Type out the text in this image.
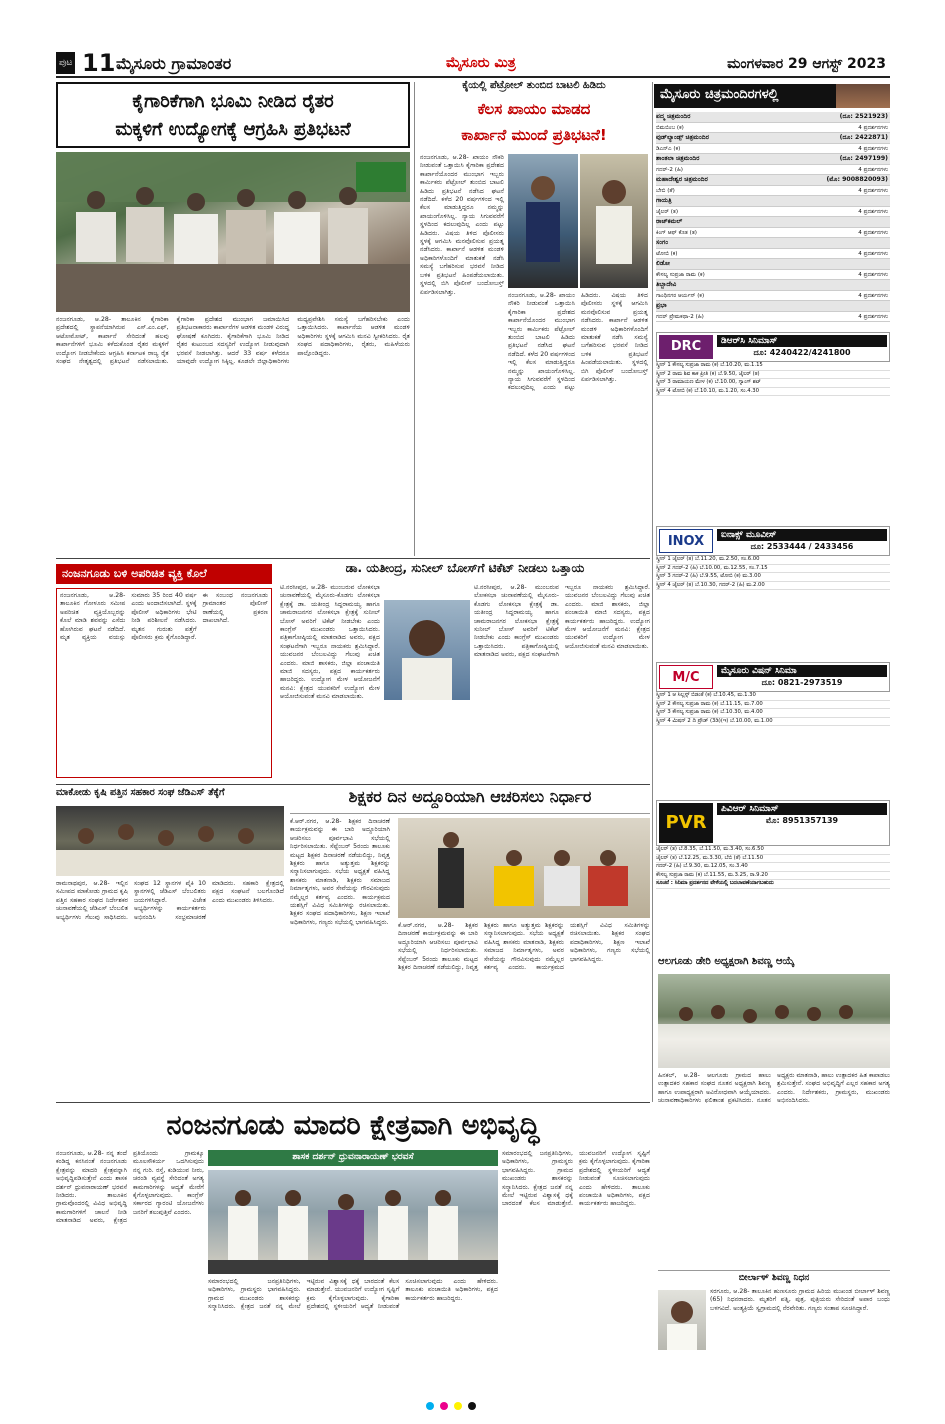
ಪುಟ 11 ಮೈಸೂರು ಗ್ರಾಮಾಂತರ	ಮೈಸೂರು ಮಿತ್ರ	ಮಂಗಳವಾರ 29 ಆಗಸ್ಟ್ 2023
ಕೈಗಾರಿಕೆಗಾಗಿ ಭೂಮಿ ನೀಡಿದ ರೈತರ
ಮಕ್ಕಳಿಗೆ ಉದ್ಯೋಗಕ್ಕೆ ಆಗ್ರಹಿಸಿ ಪ್ರತಿಭಟನೆ
ನಂಜನಗೂಡು, ಆ.28- ತಾಲೂಕಿನ ಕೈಗಾರಿಕಾ ಪ್ರದೇಶದಲ್ಲಿ ಸ್ಥಾಪನೆಯಾಗಿರುವ ಎಸ್.ಎಂ.ಎಫ್, ಆಟೋಮೋಟ್, ಕಾರ್ಖಾನೆ ಸೇರಿದಂತೆ ಹಲವು ಕಾರ್ಖಾನೆಗಳಿಗೆ ಭೂಮಿ ಕಳೆದುಕೊಂಡ ರೈತರ ಮಕ್ಕಳಿಗೆ ಉದ್ಯೋಗ ನೀಡಬೇಕೆಂದು ಆಗ್ರಹಿಸಿ ಕರ್ನಾಟಕ ರಾಜ್ಯ ರೈತ ಸಂಘದ ನೇತೃತ್ವದಲ್ಲಿ ಪ್ರತಿಭಟನೆ ನಡೆಸಲಾಯಿತು. ಕೈಗಾರಿಕಾ ಪ್ರದೇಶದ ಮುಂಭಾಗ ಜಮಾಯಿಸಿದ ಪ್ರತಿಭಟನಾಕಾರರು ಕಾರ್ಖಾನೆಗಳ ಆಡಳಿತ ಮಂಡಳಿ ವಿರುದ್ಧ ಘೋಷಣೆ ಕೂಗಿದರು. ಕೈಗಾರಿಕೆಗಾಗಿ ಭೂಮಿ ನೀಡಿದ ರೈತರ ಕುಟುಂಬದ ಸದಸ್ಯರಿಗೆ ಉದ್ಯೋಗ ನೀಡುವುದಾಗಿ ಭರವಸೆ ನೀಡಲಾಗಿತ್ತು. ಆದರೆ 33 ವರ್ಷ ಕಳೆದರೂ ಯಾವುದೇ ಉದ್ಯೋಗ ಸಿಕ್ಕಿಲ್ಲ. ಕೂಡಲೇ ಜಿಲ್ಲಾಧಿಕಾರಿಗಳು ಮಧ್ಯಪ್ರವೇಶಿಸಿ ಸಮಸ್ಯೆ ಬಗೆಹರಿಸಬೇಕು ಎಂದು ಒತ್ತಾಯಿಸಿದರು. ಕಾರ್ಖಾನೆಯ ಆಡಳಿತ ಮಂಡಳಿ ಅಧಿಕಾರಿಗಳು ಸ್ಥಳಕ್ಕೆ ಆಗಮಿಸಿ ಮನವಿ ಸ್ವೀಕರಿಸಿದರು. ರೈತ ಸಂಘದ ಪದಾಧಿಕಾರಿಗಳು, ರೈತರು, ಮಹಿಳೆಯರು ಪಾಲ್ಗೊಂಡಿದ್ದರು.
ಕೈಯಲ್ಲಿ ಪೆಟ್ರೋಲ್ ತುಂಬಿದ ಬಾಟಲಿ ಹಿಡಿದು
ಕೆಲಸ ಖಾಯಂ ಮಾಡದ
ಕಾರ್ಖಾನೆ ಮುಂದೆ ಪ್ರತಿಭಟನೆ!
ನಂಜನಗೂಡು, ಆ.28- ಖಾಯಂ ನೌಕರಿ ನೀಡುವಂತೆ ಒತ್ತಾಯಿಸಿ ಕೈಗಾರಿಕಾ ಪ್ರದೇಶದ ಕಾರ್ಖಾನೆಯೊಂದರ ಮುಂಭಾಗ ಇಬ್ಬರು ಕಾರ್ಮಿಕರು ಪೆಟ್ರೋಲ್ ತುಂಬಿದ ಬಾಟಲಿ ಹಿಡಿದು ಪ್ರತಿಭಟನೆ ನಡೆಸಿದ ಘಟನೆ ನಡೆದಿದೆ. ಕಳೆದ 20 ವರ್ಷಗಳಿಂದ ಇಲ್ಲಿ ಕೆಲಸ ಮಾಡುತ್ತಿದ್ದರೂ ನಮ್ಮನ್ನು ಖಾಯಂಗೊಳಿಸಿಲ್ಲ. ನ್ಯಾಯ ಸಿಗುವವರೆಗೆ ಸ್ಥಳದಿಂದ ಕದಲುವುದಿಲ್ಲ ಎಂದು ಪಟ್ಟು ಹಿಡಿದರು. ವಿಷಯ ತಿಳಿದ ಪೊಲೀಸರು ಸ್ಥಳಕ್ಕೆ ಆಗಮಿಸಿ ಮನವೊಲಿಸುವ ಪ್ರಯತ್ನ ನಡೆಸಿದರು. ಕಾರ್ಖಾನೆ ಆಡಳಿತ ಮಂಡಳಿ ಅಧಿಕಾರಿಗಳೊಂದಿಗೆ ಮಾತುಕತೆ ನಡೆಸಿ ಸಮಸ್ಯೆ ಬಗೆಹರಿಸುವ ಭರವಸೆ ನೀಡಿದ ಬಳಿಕ ಪ್ರತಿಭಟನೆ ಹಿಂಪಡೆಯಲಾಯಿತು. ಸ್ಥಳದಲ್ಲಿ ಬಿಗಿ ಪೊಲೀಸ್ ಬಂದೋಬಸ್ತ್ ಏರ್ಪಡಿಸಲಾಗಿತ್ತು.	ನಂಜನಗೂಡು, ಆ.28- ಖಾಯಂ ನೌಕರಿ ನೀಡುವಂತೆ ಒತ್ತಾಯಿಸಿ ಕೈಗಾರಿಕಾ ಪ್ರದೇಶದ ಕಾರ್ಖಾನೆಯೊಂದರ ಮುಂಭಾಗ ಇಬ್ಬರು ಕಾರ್ಮಿಕರು ಪೆಟ್ರೋಲ್ ತುಂಬಿದ ಬಾಟಲಿ ಹಿಡಿದು ಪ್ರತಿಭಟನೆ ನಡೆಸಿದ ಘಟನೆ ನಡೆದಿದೆ. ಕಳೆದ 20 ವರ್ಷಗಳಿಂದ ಇಲ್ಲಿ ಕೆಲಸ ಮಾಡುತ್ತಿದ್ದರೂ ನಮ್ಮನ್ನು ಖಾಯಂಗೊಳಿಸಿಲ್ಲ. ನ್ಯಾಯ ಸಿಗುವವರೆಗೆ ಸ್ಥಳದಿಂದ ಕದಲುವುದಿಲ್ಲ ಎಂದು ಪಟ್ಟು ಹಿಡಿದರು. ವಿಷಯ ತಿಳಿದ ಪೊಲೀಸರು ಸ್ಥಳಕ್ಕೆ ಆಗಮಿಸಿ ಮನವೊಲಿಸುವ ಪ್ರಯತ್ನ ನಡೆಸಿದರು. ಕಾರ್ಖಾನೆ ಆಡಳಿತ ಮಂಡಳಿ ಅಧಿಕಾರಿಗಳೊಂದಿಗೆ ಮಾತುಕತೆ ನಡೆಸಿ ಸಮಸ್ಯೆ ಬಗೆಹರಿಸುವ ಭರವಸೆ ನೀಡಿದ ಬಳಿಕ ಪ್ರತಿಭಟನೆ ಹಿಂಪಡೆಯಲಾಯಿತು. ಸ್ಥಳದಲ್ಲಿ ಬಿಗಿ ಪೊಲೀಸ್ ಬಂದೋಬಸ್ತ್ ಏರ್ಪಡಿಸಲಾಗಿತ್ತು.
ನಂಜನಗೂಡು ಬಳಿ ಅಪರಿಚಿತ ವ್ಯಕ್ತಿ ಕೊಲೆ
ನಂಜನಗೂಡು, ಆ.28- ತಾಲೂಕಿನ ಗೋಳೂರು ಸಮೀಪ ಅಪರಿಚಿತ ವ್ಯಕ್ತಿಯೊಬ್ಬರನ್ನು ಕೊಲೆ ಮಾಡಿ ಶವವನ್ನು ಎಸೆದು ಹೋಗಿರುವ ಘಟನೆ ನಡೆದಿದೆ. ಮೃತ ವ್ಯಕ್ತಿಯ ವಯಸ್ಸು ಸುಮಾರು 35 ರಿಂದ 40 ವರ್ಷ ಎಂದು ಅಂದಾಜಿಸಲಾಗಿದೆ. ಸ್ಥಳಕ್ಕೆ ಪೊಲೀಸ್ ಅಧಿಕಾರಿಗಳು ಭೇಟಿ ನೀಡಿ ಪರಿಶೀಲನೆ ನಡೆಸಿದರು. ಮೃತನ ಗುರುತು ಪತ್ತೆಗೆ ಪೊಲೀಸರು ಕ್ರಮ ಕೈಗೊಂಡಿದ್ದಾರೆ. ಈ ಸಂಬಂಧ ನಂಜನಗೂಡು ಗ್ರಾಮಾಂತರ ಪೊಲೀಸ್ ಠಾಣೆಯಲ್ಲಿ ಪ್ರಕರಣ ದಾಖಲಾಗಿದೆ.
ಡಾ. ಯತೀಂದ್ರ, ಸುನೀಲ್ ಬೋಸ್‌ಗೆ ಟಿಕೆಟ್ ನೀಡಲು ಒತ್ತಾಯ
ಟಿ.ನರಸೀಪುರ, ಆ.28- ಮುಂಬರುವ ಲೋಕಸಭಾ ಚುನಾವಣೆಯಲ್ಲಿ ಮೈಸೂರು-ಕೊಡಗು ಲೋಕಸಭಾ ಕ್ಷೇತ್ರಕ್ಕೆ ಡಾ. ಯತೀಂದ್ರ ಸಿದ್ದರಾಮಯ್ಯ ಹಾಗೂ ಚಾಮರಾಜನಗರ ಲೋಕಸಭಾ ಕ್ಷೇತ್ರಕ್ಕೆ ಸುನೀಲ್ ಬೋಸ್ ಅವರಿಗೆ ಟಿಕೆಟ್ ನೀಡಬೇಕು ಎಂದು ಕಾಂಗ್ರೆಸ್ ಮುಖಂಡರು ಒತ್ತಾಯಿಸಿದರು. ಪತ್ರಿಕಾಗೋಷ್ಠಿಯಲ್ಲಿ ಮಾತನಾಡಿದ ಅವರು, ಪಕ್ಷದ ಸಂಘಟನೆಗಾಗಿ ಇಬ್ಬರೂ ನಾಯಕರು ಶ್ರಮಿಸಿದ್ದಾರೆ. ಯುವಜನರ ಬೆಂಬಲವಿದ್ದು ಗೆಲುವು ಖಚಿತ ಎಂದರು. ಮಾಜಿ ಶಾಸಕರು, ಜಿಲ್ಲಾ ಪಂಚಾಯಿತಿ ಮಾಜಿ ಸದಸ್ಯರು, ಪಕ್ಷದ ಕಾರ್ಯಕರ್ತರು ಹಾಜರಿದ್ದರು. ಉದ್ಯೋಗ ಮೇಳ ಆಯೋಜನೆಗೆ ಮನವಿ: ಕ್ಷೇತ್ರದ ಯುವಕರಿಗೆ ಉದ್ಯೋಗ ಮೇಳ ಆಯೋಜಿಸುವಂತೆ ಮನವಿ ಮಾಡಲಾಯಿತು.
ಟಿ.ನರಸೀಪುರ, ಆ.28- ಮುಂಬರುವ ಲೋಕಸಭಾ ಚುನಾವಣೆಯಲ್ಲಿ ಮೈಸೂರು-ಕೊಡಗು ಲೋಕಸಭಾ ಕ್ಷೇತ್ರಕ್ಕೆ ಡಾ. ಯತೀಂದ್ರ ಸಿದ್ದರಾಮಯ್ಯ ಹಾಗೂ ಚಾಮರಾಜನಗರ ಲೋಕಸಭಾ ಕ್ಷೇತ್ರಕ್ಕೆ ಸುನೀಲ್ ಬೋಸ್ ಅವರಿಗೆ ಟಿಕೆಟ್ ನೀಡಬೇಕು ಎಂದು ಕಾಂಗ್ರೆಸ್ ಮುಖಂಡರು ಒತ್ತಾಯಿಸಿದರು. ಪತ್ರಿಕಾಗೋಷ್ಠಿಯಲ್ಲಿ ಮಾತನಾಡಿದ ಅವರು, ಪಕ್ಷದ ಸಂಘಟನೆಗಾಗಿ ಇಬ್ಬರೂ ನಾಯಕರು ಶ್ರಮಿಸಿದ್ದಾರೆ. ಯುವಜನರ ಬೆಂಬಲವಿದ್ದು ಗೆಲುವು ಖಚಿತ ಎಂದರು. ಮಾಜಿ ಶಾಸಕರು, ಜಿಲ್ಲಾ ಪಂಚಾಯಿತಿ ಮಾಜಿ ಸದಸ್ಯರು, ಪಕ್ಷದ ಕಾರ್ಯಕರ್ತರು ಹಾಜರಿದ್ದರು. ಉದ್ಯೋಗ ಮೇಳ ಆಯೋಜನೆಗೆ ಮನವಿ: ಕ್ಷೇತ್ರದ ಯುವಕರಿಗೆ ಉದ್ಯೋಗ ಮೇಳ ಆಯೋಜಿಸುವಂತೆ ಮನವಿ ಮಾಡಲಾಯಿತು.
ಮಾಕೋಡು ಕೃಷಿ ಪತ್ತಿನ ಸಹಕಾರ ಸಂಘ ಜೆಡಿಎಸ್ ತೆಕ್ಕೆಗೆ
ರಾಮನಾಥಪುರ, ಆ.28- ಇಲ್ಲಿನ ಸಮೀಪದ ಮಾಕೋಡು ಗ್ರಾಮದ ಕೃಷಿ ಪತ್ತಿನ ಸಹಕಾರ ಸಂಘದ ನಿರ್ದೇಶಕರ ಚುನಾವಣೆಯಲ್ಲಿ ಜೆಡಿಎಸ್ ಬೆಂಬಲಿತ ಅಭ್ಯರ್ಥಿಗಳು ಗೆಲುವು ಸಾಧಿಸಿದರು. ಸಂಘದ 12 ಸ್ಥಾನಗಳ ಪೈಕಿ 10 ಸ್ಥಾನಗಳಲ್ಲಿ ಜೆಡಿಎಸ್ ಬೆಂಬಲಿತರು ಜಯಗಳಿಸಿದ್ದಾರೆ. ವಿಜೇತ ಅಭ್ಯರ್ಥಿಗಳನ್ನು ಕಾರ್ಯಕರ್ತರು ಅಭಿನಂದಿಸಿ ಸಂಭ್ರಮಾಚರಣೆ ಮಾಡಿದರು. ಸಹಕಾರಿ ಕ್ಷೇತ್ರದಲ್ಲಿ ಪಕ್ಷದ ಸಂಘಟನೆ ಬಲಗೊಂಡಿದೆ ಎಂದು ಮುಖಂಡರು ತಿಳಿಸಿದರು.
ಶಿಕ್ಷಕರ ದಿನ ಅದ್ದೂರಿಯಾಗಿ ಆಚರಿಸಲು ನಿರ್ಧಾರ
ಕೆ.ಆರ್.ನಗರ, ಆ.28- ಶಿಕ್ಷಕರ ದಿನಾಚರಣೆ ಕಾರ್ಯಕ್ರಮವನ್ನು ಈ ಬಾರಿ ಅದ್ದೂರಿಯಾಗಿ ಆಚರಿಸಲು ಪೂರ್ವಭಾವಿ ಸಭೆಯಲ್ಲಿ ನಿರ್ಧರಿಸಲಾಯಿತು. ಸೆಪ್ಟೆಂಬರ್ 5ರಂದು ತಾಲೂಕು ಮಟ್ಟದ ಶಿಕ್ಷಕರ ದಿನಾಚರಣೆ ನಡೆಯಲಿದ್ದು, ನಿವೃತ್ತ ಶಿಕ್ಷಕರು ಹಾಗೂ ಅತ್ಯುತ್ತಮ ಶಿಕ್ಷಕರನ್ನು ಸನ್ಮಾನಿಸಲಾಗುವುದು. ಸಭೆಯ ಅಧ್ಯಕ್ಷತೆ ವಹಿಸಿದ್ದ ಶಾಸಕರು ಮಾತನಾಡಿ, ಶಿಕ್ಷಕರು ಸಮಾಜದ ನಿರ್ಮಾತೃಗಳು, ಅವರ ಸೇವೆಯನ್ನು ಗೌರವಿಸುವುದು ನಮ್ಮೆಲ್ಲರ ಕರ್ತವ್ಯ ಎಂದರು. ಕಾರ್ಯಕ್ರಮದ ಯಶಸ್ಸಿಗೆ ವಿವಿಧ ಸಮಿತಿಗಳನ್ನು ರಚಿಸಲಾಯಿತು. ಶಿಕ್ಷಕರ ಸಂಘದ ಪದಾಧಿಕಾರಿಗಳು, ಶಿಕ್ಷಣ ಇಲಾಖೆ ಅಧಿಕಾರಿಗಳು, ಗಣ್ಯರು ಸಭೆಯಲ್ಲಿ ಭಾಗವಹಿಸಿದ್ದರು. ಕೆ.ಆರ್.ನಗರ, ಆ.28- ಶಿಕ್ಷಕರ ದಿನಾಚರಣೆ ಕಾರ್ಯಕ್ರಮವನ್ನು ಈ ಬಾರಿ ಅದ್ದೂರಿಯಾಗಿ ಆಚರಿಸಲು ಪೂರ್ವಭಾವಿ ಸಭೆಯಲ್ಲಿ ನಿರ್ಧರಿಸಲಾಯಿತು. ಸೆಪ್ಟೆಂಬರ್ 5ರಂದು ತಾಲೂಕು ಮಟ್ಟದ ಶಿಕ್ಷಕರ ದಿನಾಚರಣೆ ನಡೆಯಲಿದ್ದು, ನಿವೃತ್ತ ಶಿಕ್ಷಕರು ಹಾಗೂ ಅತ್ಯುತ್ತಮ ಶಿಕ್ಷಕರನ್ನು ಸನ್ಮಾನಿಸಲಾಗುವುದು. ಸಭೆಯ ಅಧ್ಯಕ್ಷತೆ ವಹಿಸಿದ್ದ ಶಾಸಕರು ಮಾತನಾಡಿ, ಶಿಕ್ಷಕರು ಸಮಾಜದ ನಿರ್ಮಾತೃಗಳು, ಅವರ ಸೇವೆಯನ್ನು ಗೌರವಿಸುವುದು ನಮ್ಮೆಲ್ಲರ ಕರ್ತವ್ಯ ಎಂದರು. ಕಾರ್ಯಕ್ರಮದ ಯಶಸ್ಸಿಗೆ ವಿವಿಧ ಸಮಿತಿಗಳನ್ನು ರಚಿಸಲಾಯಿತು. ಶಿಕ್ಷಕರ ಸಂಘದ ಪದಾಧಿಕಾರಿಗಳು, ಶಿಕ್ಷಣ ಇಲಾಖೆ ಅಧಿಕಾರಿಗಳು, ಗಣ್ಯರು ಸಭೆಯಲ್ಲಿ ಭಾಗವಹಿಸಿದ್ದರು.
ಮೈಸೂರು ಚಿತ್ರಮಂದಿರಗಳಲ್ಲಿ
ಪದ್ಮ ಚಿತ್ರಮಂದಿರ	(ದೂ: 2521923)
ಬಿಮಬಿಂಬ (ಕ)	4 ಪ್ರದರ್ಶನಗಳು
ವುಡ್‌ಲ್ಯಾಂಡ್ಸ್ ಚಿತ್ರಮಂದಿರ	(ದೂ: 2422871)
ಡಿಎನ್‌ಎ (ಕ)	4 ಪ್ರದರ್ಶನಗಳು
ಶಾಂತಲಾ ಚಿತ್ರಮಂದಿರ	(ದೂ: 2497199)
ಗದರ್-2 (ಹಿ)	4 ಪ್ರದರ್ಶನಗಳು
ಮಹಾದೇಶ್ವರ ಚಿತ್ರಮಂದಿರ	(ಮೊ: 9008820093)
ಬೇಬಿ (ತೆ)	4 ಪ್ರದರ್ಶನಗಳು
ಗಾಯತ್ರಿ
ಜೈಲರ್ (ತ)	4 ಪ್ರದರ್ಶನಗಳು
ರಾಜ್‌ಕಮಲ್
ಕಿಂಗ್ ಆಫ್ ಕೊತ (ತ)	4 ಪ್ರದರ್ಶನಗಳು
ಸಂಗಂ
ಟೋಬಿ (ಕ)	4 ಪ್ರದರ್ಶನಗಳು
ಲಿಡೋ
ಕೌಸಲ್ಯ ಸುಪ್ರಜಾ ರಾಮ (ಕ)	4 ಪ್ರದರ್ಶನಗಳು
ತಿಬ್ಬಾದೇವಿ
ಗಾಂಧಿನಗರ ಆರ್ಯನ್ (ಕ)	4 ಪ್ರದರ್ಶನಗಳು
ಪ್ರಭಾ
ಗದರ್ ಪ್ರೇಮಕಥಾ-2 (ಹಿ)	4 ಪ್ರದರ್ಶನಗಳು
DRC	ಡಿಆರ್‌ಸಿ ಸಿನಿಮಾಸ್
ದೂ: 4240422/4241800
ಸ್ಕ್ರೀನ್ 1 ಕೌಸಲ್ಯ ಸುಪ್ರಜಾ ರಾಮ (ಕ) ಬೆ.10.20, ಮ.1.15
ಸ್ಕ್ರೀನ್ 2 ರಾಮ ಶಿವ ಕಾಕ ಪ್ರೀತಿ (ಕ) ಬೆ.9.50, ಜೈಲರ್ (ತ)
ಸ್ಕ್ರೀನ್ 3 ರಾಮಾಯಣ ಮೇಳ (ಕ) ಬೆ.10.00, ಗ್ಯಾಂಗ್ ಶಟ್
ಸ್ಕ್ರೀನ್ 4 ಟೋಬಿ (ಕ) ಬೆ.10.10, ಮ.1.20, ಸಂ.4.30
INOX	ಐನಾಕ್ಸ್ ಮೂವೀಸ್
ದೂ: 2533444 / 2433456
ಸ್ಕ್ರೀನ್ 1 ಜೈಲರ್ (ತ) ಬೆ.11.20, ಮ.2.50, ಸಂ.6.00
ಸ್ಕ್ರೀನ್ 2 ಗದರ್-2 (ಹಿ) ಬೆ.10.00, ಮ.12.55, ಸಂ.7.15
ಸ್ಕ್ರೀನ್ 3 ಗದರ್-2 (ಹಿ) ಬೆ.9.55, ಟೋಬಿ (ಕ) ಮ.3.00
ಸ್ಕ್ರೀನ್ 4 ಜೈಲರ್ (ತ) ಬೆ.10.30, ಗದರ್-2 (ಹಿ) ಮ.2.00
M/C	ಮೈಸೂರು ವಿಷನ್ ಸಿನಿಮಾ
ದೂ: 0821-2973519
ಸ್ಕ್ರೀನ್ 1 ಆ ಸಿಲ್ಲಸ್ಸ್ ಬಿಡಂತೆ (ಕ) ಬೆ.10.45, ಮ.1.30
ಸ್ಕ್ರೀನ್ 2 ಕೌಸಲ್ಯ ಸುಪ್ರಜಾ ರಾಮ (ಕ) ಬೆ.11.15, ಮ.7.00
ಸ್ಕ್ರೀನ್ 3 ಕೌಸಲ್ಯ ಸುಪ್ರಜಾ ರಾಮ (ಕ) ಬೆ.10.30, ಮ.4.00
ಸ್ಕ್ರೀನ್ 4 ಮಿಷನ್ 2 ದಿ ಪ್ರೌಡ್ (3ಡಿ)(ಇ) ಬೆ.10.00, ಮ.1.00
PVR
ಪಿವಿಆರ್ ಸಿನಿಮಾಸ್
ಮೊ: 8951357139
ಜೈಲರ್ (ತ) ಬೆ.8.35, ಬೆ.11.50, ಮ.3.40, ಸಂ.6.50
ಜೈಲರ್ (ತ) ಬೆ.12.25, ಮ.3.30, ಬೆಬಿ (ತೆ) ಬೆ.11.50
ಗದರ್-2 (ಹಿ) ಬೆ.9.30, ಮ.12.05, ಸಂ.3.40
ಕೌಸಲ್ಯ ಸುಪ್ರಜಾ ರಾಮ (ಕ) ಬೆ.11.55, ಮ.3.25, ರಾ.9.20
ಸೂಚನೆ : ಸಿನಿಮಾ ಪ್ರದರ್ಶನದ ವೇಳೆಯಲ್ಲಿ ಬದಲಾವಣೆಯಾಗಬಹುದು
ಆಲಗೂಡು ಡೇರಿ ಅಧ್ಯಕ್ಷರಾಗಿ ಶಿವಣ್ಣ ಆಯ್ಕೆ
ಹಿನಕಲ್, ಆ.28- ಆಲಗೂಡು ಗ್ರಾಮದ ಹಾಲು ಉತ್ಪಾದಕರ ಸಹಕಾರ ಸಂಘದ ನೂತನ ಅಧ್ಯಕ್ಷರಾಗಿ ಶಿವಣ್ಣ ಹಾಗೂ ಉಪಾಧ್ಯಕ್ಷರಾಗಿ ಅವಿರೋಧವಾಗಿ ಆಯ್ಕೆಯಾದರು. ಚುನಾವಣಾಧಿಕಾರಿಗಳು ಫಲಿತಾಂಶ ಪ್ರಕಟಿಸಿದರು. ನೂತನ ಅಧ್ಯಕ್ಷರು ಮಾತನಾಡಿ, ಹಾಲು ಉತ್ಪಾದಕರ ಹಿತ ಕಾಪಾಡಲು ಶ್ರಮಿಸುತ್ತೇನೆ. ಸಂಘದ ಅಭಿವೃದ್ಧಿಗೆ ಎಲ್ಲರ ಸಹಕಾರ ಅಗತ್ಯ ಎಂದರು. ನಿರ್ದೇಶಕರು, ಗ್ರಾಮಸ್ಥರು, ಮುಖಂಡರು ಅಭಿನಂದಿಸಿದರು.
ನಂಜನಗೂಡು ಮಾದರಿ ಕ್ಷೇತ್ರವಾಗಿ ಅಭಿವೃದ್ಧಿ
ಶಾಸಕ ದರ್ಶನ್ ಧ್ರುವನಾರಾಯಣ್ ಭರವಸೆ
ನಂಜನಗೂಡು, ಆ.28- ನನ್ನ ತಂದೆ ಕಂಡಿದ್ದ ಕನಸಿನಂತೆ ನಂಜನಗೂಡು ಕ್ಷೇತ್ರವನ್ನು ಮಾದರಿ ಕ್ಷೇತ್ರವನ್ನಾಗಿ ಅಭಿವೃದ್ಧಿಪಡಿಸುತ್ತೇನೆ ಎಂದು ಶಾಸಕ ದರ್ಶನ್ ಧ್ರುವನಾರಾಯಣ್ ಭರವಸೆ ನೀಡಿದರು. ತಾಲೂಕಿನ ಗ್ರಾಮವೊಂದರಲ್ಲಿ ವಿವಿಧ ಅಭಿವೃದ್ಧಿ ಕಾಮಗಾರಿಗಳಿಗೆ ಚಾಲನೆ ನೀಡಿ ಮಾತನಾಡಿದ ಅವರು, ಕ್ಷೇತ್ರದ ಪ್ರತಿಯೊಂದು ಗ್ರಾಮಕ್ಕೂ ಮೂಲಸೌಕರ್ಯ ಒದಗಿಸುವುದು ನನ್ನ ಗುರಿ. ರಸ್ತೆ, ಕುಡಿಯುವ ನೀರು, ಚರಂಡಿ ವ್ಯವಸ್ಥೆ ಸೇರಿದಂತೆ ಅಗತ್ಯ ಕಾಮಗಾರಿಗಳನ್ನು ಆದ್ಯತೆ ಮೇರೆಗೆ ಕೈಗೊಳ್ಳಲಾಗುವುದು. ಕಾಂಗ್ರೆಸ್ ಸರ್ಕಾರದ ಗ್ಯಾರಂಟಿ ಯೋಜನೆಗಳು ಜನರಿಗೆ ತಲುಪುತ್ತಿವೆ ಎಂದರು.
ಸಮಾರಂಭದಲ್ಲಿ ಜನಪ್ರತಿನಿಧಿಗಳು, ಅಧಿಕಾರಿಗಳು, ಗ್ರಾಮಸ್ಥರು ಭಾಗವಹಿಸಿದ್ದರು. ಗ್ರಾಮದ ಮುಖಂಡರು ಶಾಸಕರನ್ನು ಸನ್ಮಾನಿಸಿದರು. ಕ್ಷೇತ್ರದ ಜನತೆ ನನ್ನ ಮೇಲೆ ಇಟ್ಟಿರುವ ವಿಶ್ವಾಸಕ್ಕೆ ಧಕ್ಕೆ ಬಾರದಂತೆ ಕೆಲಸ ಮಾಡುತ್ತೇನೆ. ಯುವಜನರಿಗೆ ಉದ್ಯೋಗ ಸೃಷ್ಟಿಗೆ ಕ್ರಮ ಕೈಗೊಳ್ಳಲಾಗುವುದು. ಕೈಗಾರಿಕಾ ಪ್ರದೇಶದಲ್ಲಿ ಸ್ಥಳೀಯರಿಗೆ ಆದ್ಯತೆ ನೀಡುವಂತೆ ಸೂಚಿಸಲಾಗುವುದು ಎಂದು ಹೇಳಿದರು. ತಾಲೂಕು ಪಂಚಾಯಿತಿ ಅಧಿಕಾರಿಗಳು, ಪಕ್ಷದ ಕಾರ್ಯಕರ್ತರು ಹಾಜರಿದ್ದರು.
ಸಮಾರಂಭದಲ್ಲಿ ಜನಪ್ರತಿನಿಧಿಗಳು, ಅಧಿಕಾರಿಗಳು, ಗ್ರಾಮಸ್ಥರು ಭಾಗವಹಿಸಿದ್ದರು. ಗ್ರಾಮದ ಮುಖಂಡರು ಶಾಸಕರನ್ನು ಸನ್ಮಾನಿಸಿದರು. ಕ್ಷೇತ್ರದ ಜನತೆ ನನ್ನ ಮೇಲೆ ಇಟ್ಟಿರುವ ವಿಶ್ವಾಸಕ್ಕೆ ಧಕ್ಕೆ ಬಾರದಂತೆ ಕೆಲಸ ಮಾಡುತ್ತೇನೆ. ಯುವಜನರಿಗೆ ಉದ್ಯೋಗ ಸೃಷ್ಟಿಗೆ ಕ್ರಮ ಕೈಗೊಳ್ಳಲಾಗುವುದು. ಕೈಗಾರಿಕಾ ಪ್ರದೇಶದಲ್ಲಿ ಸ್ಥಳೀಯರಿಗೆ ಆದ್ಯತೆ ನೀಡುವಂತೆ ಸೂಚಿಸಲಾಗುವುದು ಎಂದು ಹೇಳಿದರು. ತಾಲೂಕು ಪಂಚಾಯಿತಿ ಅಧಿಕಾರಿಗಳು, ಪಕ್ಷದ ಕಾರ್ಯಕರ್ತರು ಹಾಜರಿದ್ದರು.
ಬೀರ್ಲಾಳ್ ಶಿವಣ್ಣ ನಿಧನ
ಸರಗೂರು, ಆ.28- ತಾಲೂಕಿನ ಹುಣಸೂರು ಗ್ರಾಮದ ಹಿರಿಯ ಮುಖಂಡ ಬೀರ್ಲಾಳ್ ಶಿವಣ್ಣ (65) ನಿಧನರಾದರು. ಮೃತರಿಗೆ ಪತ್ನಿ, ಪುತ್ರ, ಪುತ್ರಿಯರು ಸೇರಿದಂತೆ ಅಪಾರ ಬಂಧು ಬಳಗವಿದೆ. ಅಂತ್ಯಕ್ರಿಯೆ ಸ್ವಗ್ರಾಮದಲ್ಲಿ ನೆರವೇರಿತು. ಗಣ್ಯರು ಸಂತಾಪ ಸೂಚಿಸಿದ್ದಾರೆ.
